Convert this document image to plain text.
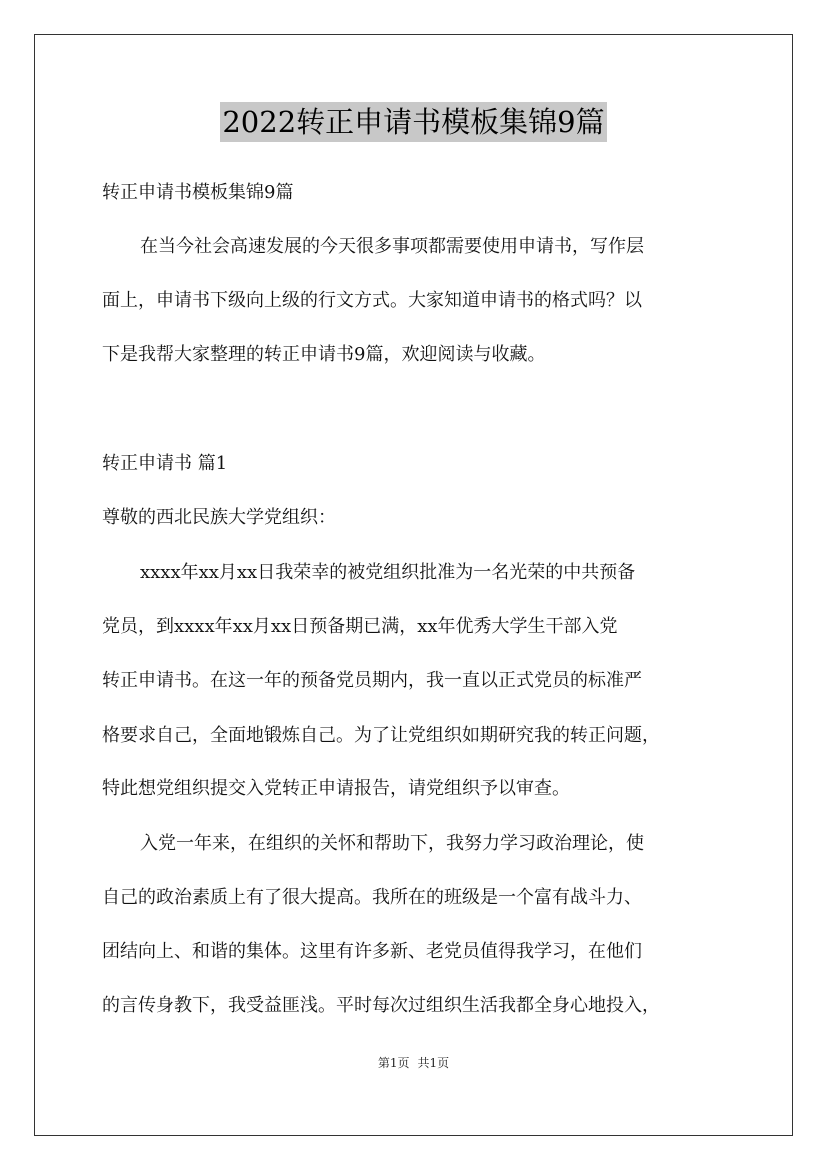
2022转正申请书模板集锦9篇
转正申请书模板集锦9篇
在当今社会高速发展的今天很多事项都需要使用申请书，写作层
面上，申请书下级向上级的行文方式。大家知道申请书的格式吗？以
下是我帮大家整理的转正申请书9篇，欢迎阅读与收藏。
转正申请书 篇1
尊敬的西北民族大学党组织：
xxxx年xx月xx日我荣幸的被党组织批准为一名光荣的中共预备
党员，到xxxx年xx月xx日预备期已满，xx年优秀大学生干部入党
转正申请书。在这一年的预备党员期内，我一直以正式党员的标准严
格要求自己，全面地锻炼自己。为了让党组织如期研究我的转正问题，
特此想党组织提交入党转正申请报告，请党组织予以审查。
入党一年来，在组织的关怀和帮助下，我努力学习政治理论，使
自己的政治素质上有了很大提高。我所在的班级是一个富有战斗力、
团结向上、和谐的集体。这里有许多新、老党员值得我学习，在他们
的言传身教下，我受益匪浅。平时每次过组织生活我都全身心地投入，
第1页 共1页
